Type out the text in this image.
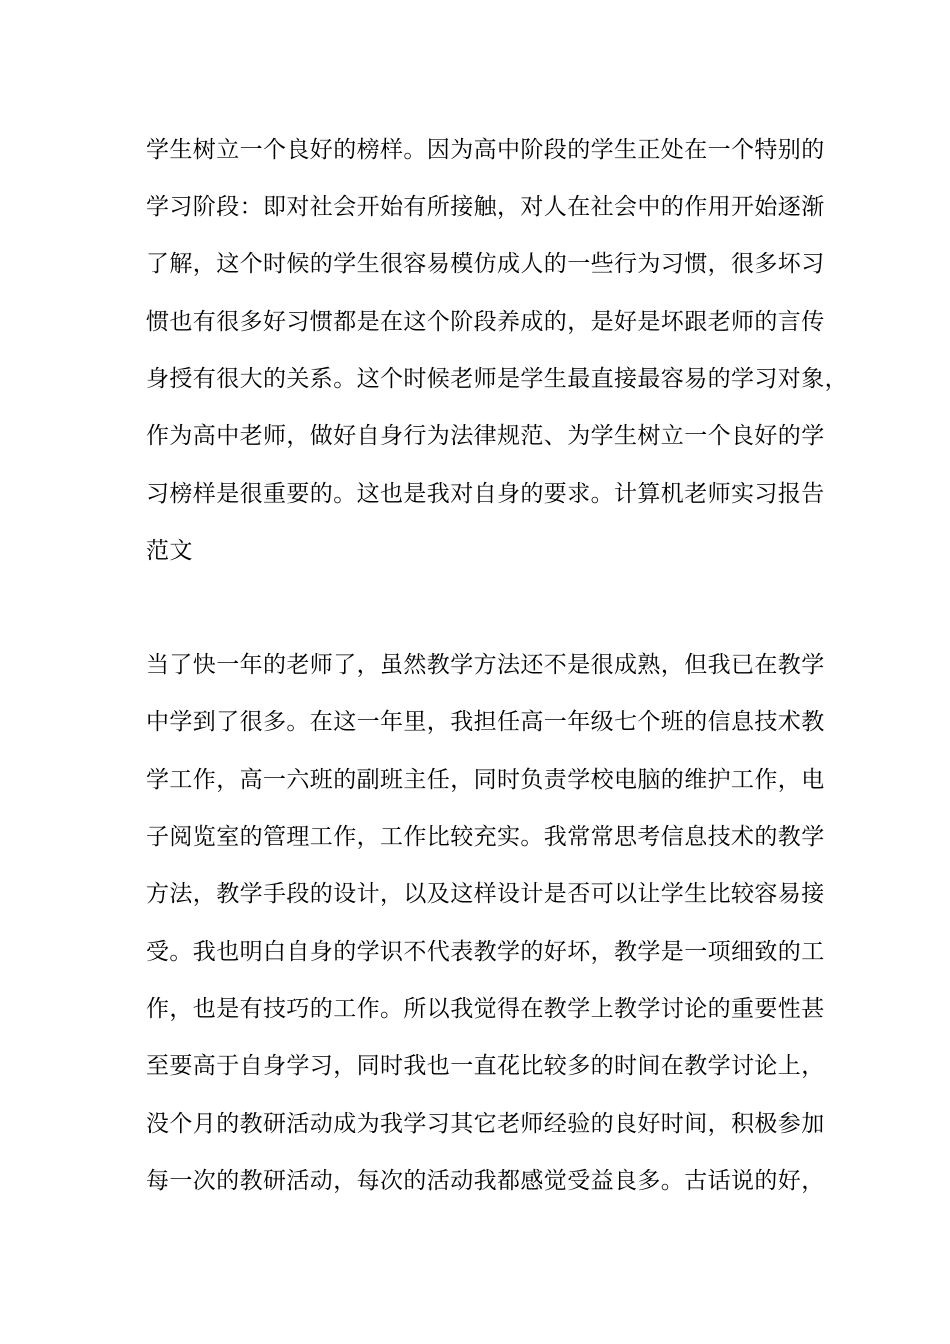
学生树立一个良好的榜样。因为高中阶段的学生正处在一个特别的

学习阶段：即对社会开始有所接触，对人在社会中的作用开始逐渐

了解，这个时候的学生很容易模仿成人的一些行为习惯，很多坏习

惯也有很多好习惯都是在这个阶段养成的，是好是坏跟老师的言传

身授有很大的关系。这个时候老师是学生最直接最容易的学习对象，

作为高中老师，做好自身行为法律规范、为学生树立一个良好的学

习榜样是很重要的。这也是我对自身的要求。计算机老师实习报告

范文

当了快一年的老师了，虽然教学方法还不是很成熟，但我已在教学

中学到了很多。在这一年里，我担任高一年级七个班的信息技术教

学工作，高一六班的副班主任，同时负责学校电脑的维护工作，电

子阅览室的管理工作，工作比较充实。我常常思考信息技术的教学

方法，教学手段的设计，以及这样设计是否可以让学生比较容易接

受。我也明白自身的学识不代表教学的好坏，教学是一项细致的工

作，也是有技巧的工作。所以我觉得在教学上教学讨论的重要性甚

至要高于自身学习，同时我也一直花比较多的时间在教学讨论上，

没个月的教研活动成为我学习其它老师经验的良好时间，积极参加

每一次的教研活动，每次的活动我都感觉受益良多。古话说的好，
